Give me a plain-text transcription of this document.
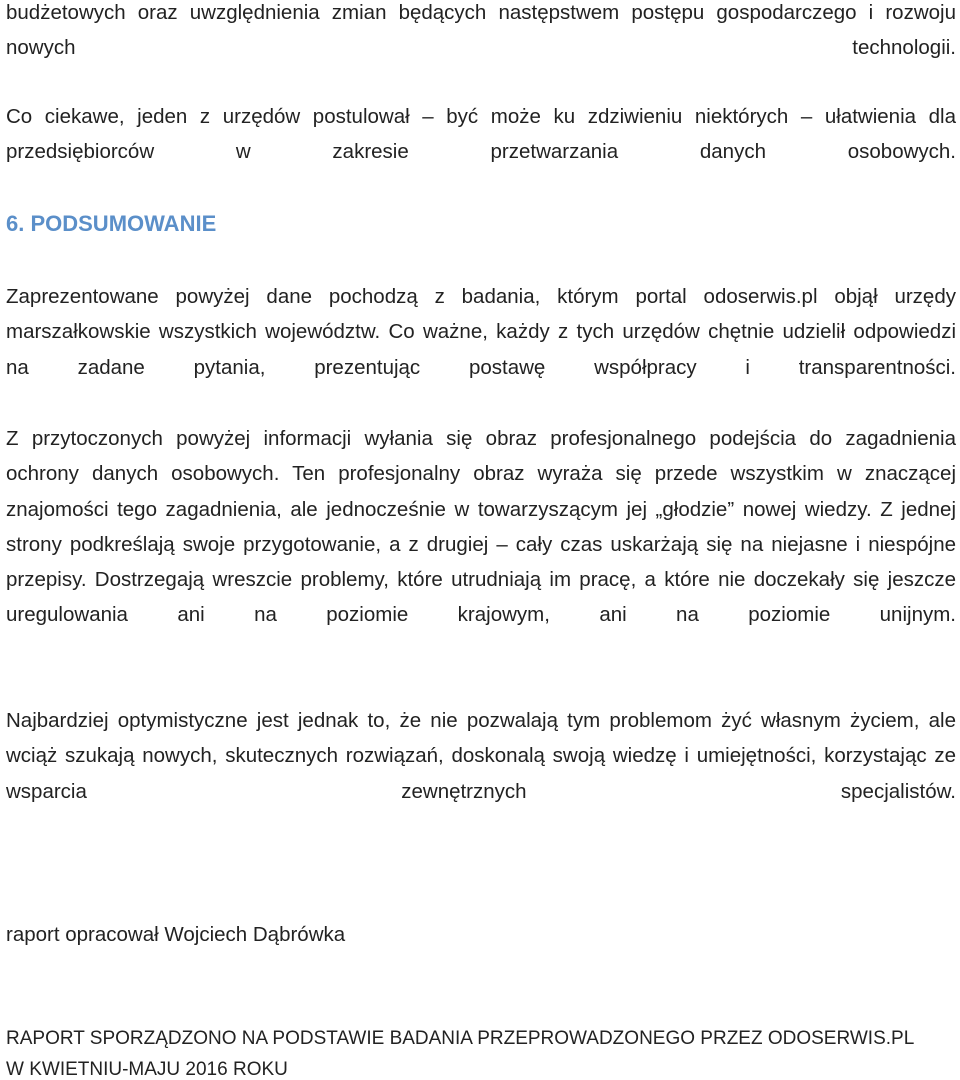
budżetowych oraz uwzględnienia zmian będących następstwem postępu gospodarczego i rozwoju nowych technologii.

Co ciekawe, jeden z urzędów postulował – być może ku zdziwieniu niektórych – ułatwienia dla przedsiębiorców w zakresie przetwarzania danych osobowych.

6. PODSUMOWANIE

Zaprezentowane powyżej dane pochodzą z badania, którym portal odoserwis.pl objął urzędy marszałkowskie wszystkich województw. Co ważne, każdy z tych urzędów chętnie udzielił odpowiedzi na zadane pytania, prezentując postawę współpracy i transparentności.

Z przytoczonych powyżej informacji wyłania się obraz profesjonalnego podejścia do zagadnienia ochrony danych osobowych. Ten profesjonalny obraz wyraża się przede wszystkim w znaczącej znajomości tego zagadnienia, ale jednocześnie w towarzyszącym jej „głodzie” nowej wiedzy. Z jednej strony podkreślają swoje przygotowanie, a z drugiej – cały czas uskarżają się na niejasne i niespójne przepisy. Dostrzegają wreszcie problemy, które utrudniają im pracę, a które nie doczekały się jeszcze uregulowania ani na poziomie krajowym, ani na poziomie unijnym.

Najbardziej optymistyczne jest jednak to, że nie pozwalają tym problemom żyć własnym życiem, ale wciąż szukają nowych, skutecznych rozwiązań, doskonalą swoją wiedzę i umiejętności, korzystając ze wsparcia zewnętrznych specjalistów.

raport opracował Wojciech Dąbrówka

RAPORT SPORZĄDZONO NA PODSTAWIE BADANIA PRZEPROWADZONEGO PRZEZ ODOSERWIS.PL

W KWIETNIU-MAJU 2016 ROKU
